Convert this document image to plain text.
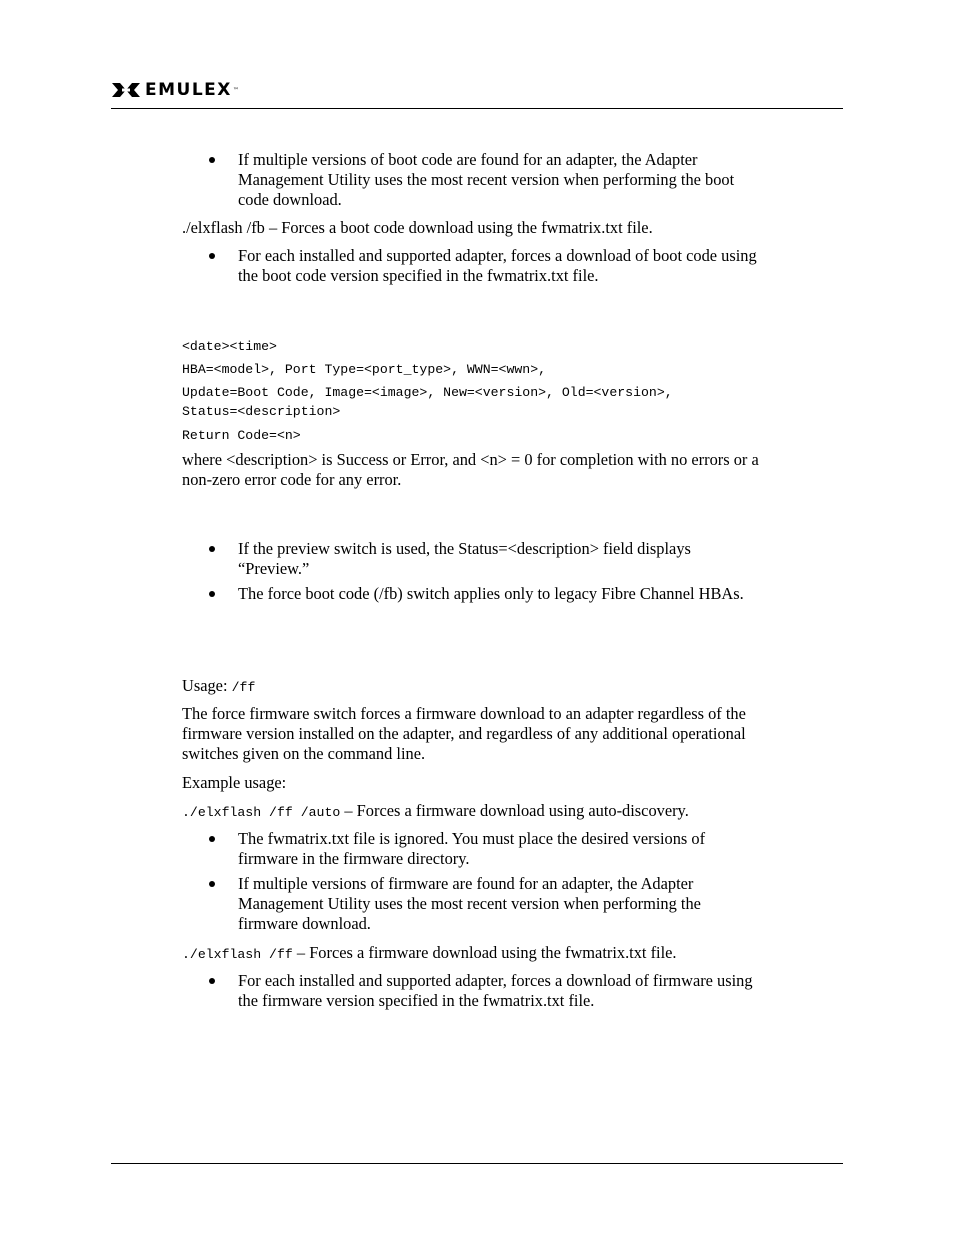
EMULEX ™

If multiple versions of boot code are found for an adapter, the Adapter

Management Utility uses the most recent version when performing the boot

code download.

./elxflash /fb – Forces a boot code download using the fwmatrix.txt file.

For each installed and supported adapter, forces a download of boot code using

the boot code version specified in the fwmatrix.txt file.

<date><time>

HBA=<model>, Port Type=<port_type>, WWN=<wwn>,

Update=Boot Code, Image=<image>, New=<version>, Old=<version>,

Status=<description>

Return Code=<n>

where <description> is Success or Error, and <n> = 0 for completion with no errors or a

non-zero error code for any error.

If the preview switch is used, the Status=<description> field displays

“Preview.”

The force boot code (/fb) switch applies only to legacy Fibre Channel HBAs.

Usage: /ff

The force firmware switch forces a firmware download to an adapter regardless of the

firmware version installed on the adapter, and regardless of any additional operational

switches given on the command line.

Example usage:

./elxflash /ff /auto – Forces a firmware download using auto-discovery.

The fwmatrix.txt file is ignored. You must place the desired versions of

firmware in the firmware directory.

If multiple versions of firmware are found for an adapter, the Adapter

Management Utility uses the most recent version when performing the

firmware download.

./elxflash /ff – Forces a firmware download using the fwmatrix.txt file.

For each installed and supported adapter, forces a download of firmware using

the firmware version specified in the fwmatrix.txt file.
